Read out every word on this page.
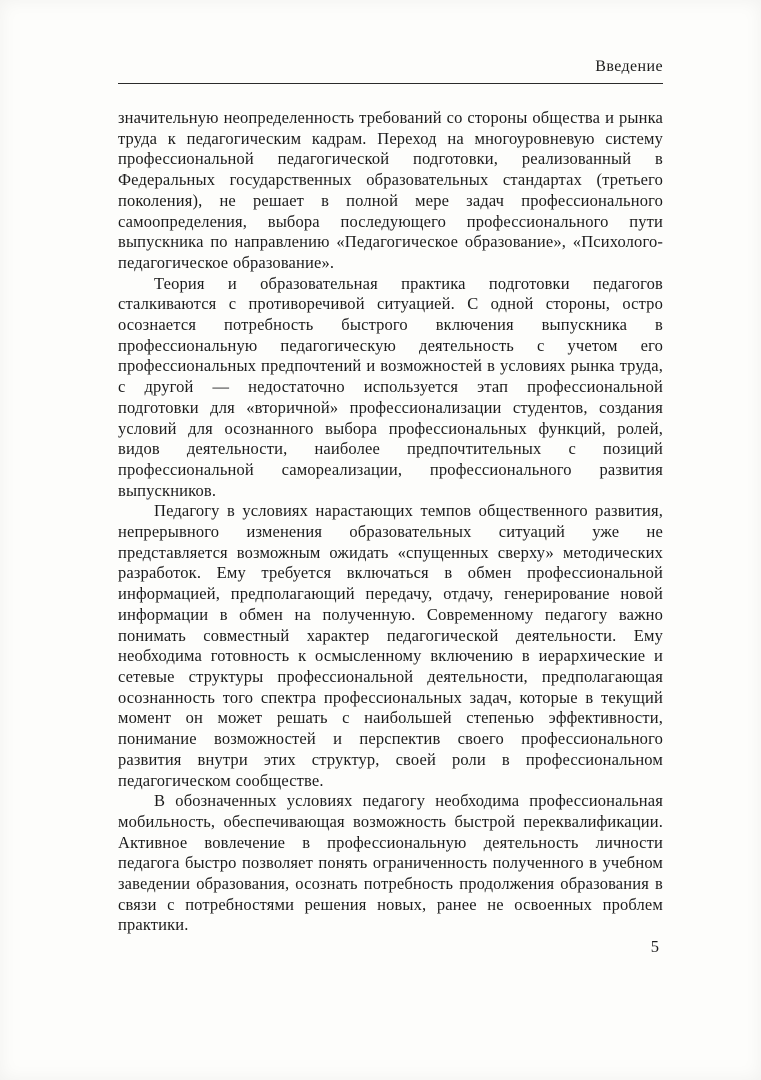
Введение

значительную неопределенность требований со стороны общества и рынка труда к педагогическим кадрам. Переход на многоуровневую систему профессиональной педагогической подготовки, реализованный в Федеральных государственных образовательных стандартах (третьего поколения), не решает в полной мере задач профессионального самоопределения, выбора последующего профессионального пути выпускника по направлению «Педагогическое образование», «Психолого-педагогическое образование».

Теория и образовательная практика подготовки педагогов сталкиваются с противоречивой ситуацией. С одной стороны, остро осознается потребность быстрого включения выпускника в профессиональную педагогическую деятельность с учетом его профессиональных предпочтений и возможностей в условиях рынка труда, с другой — недостаточно используется этап профессиональной подготовки для «вторичной» профессионализации студентов, создания условий для осознанного выбора профессиональных функций, ролей, видов деятельности, наиболее предпочтительных с позиций профессиональной самореализации, профессионального развития выпускников.

Педагогу в условиях нарастающих темпов общественного развития, непрерывного изменения образовательных ситуаций уже не представляется возможным ожидать «спущенных сверху» методических разработок. Ему требуется включаться в обмен профессиональной информацией, предполагающий передачу, отдачу, генерирование новой информации в обмен на полученную. Современному педагогу важно понимать совместный характер педагогической деятельности. Ему необходима готовность к осмысленному включению в иерархические и сетевые структуры профессиональной деятельности, предполагающая осознанность того спектра профессиональных задач, которые в текущий момент он может решать с наибольшей степенью эффективности, понимание возможностей и перспектив своего профессионального развития внутри этих структур, своей роли в профессиональном педагогическом сообществе.

В обозначенных условиях педагогу необходима профессиональная мобильность, обеспечивающая возможность быстрой переквалификации. Активное вовлечение в профессиональную деятельность личности педагога быстро позволяет понять ограниченность полученного в учебном заведении образования, осознать потребность продолжения образования в связи с потребностями решения новых, ранее не освоенных проблем практики.

5
